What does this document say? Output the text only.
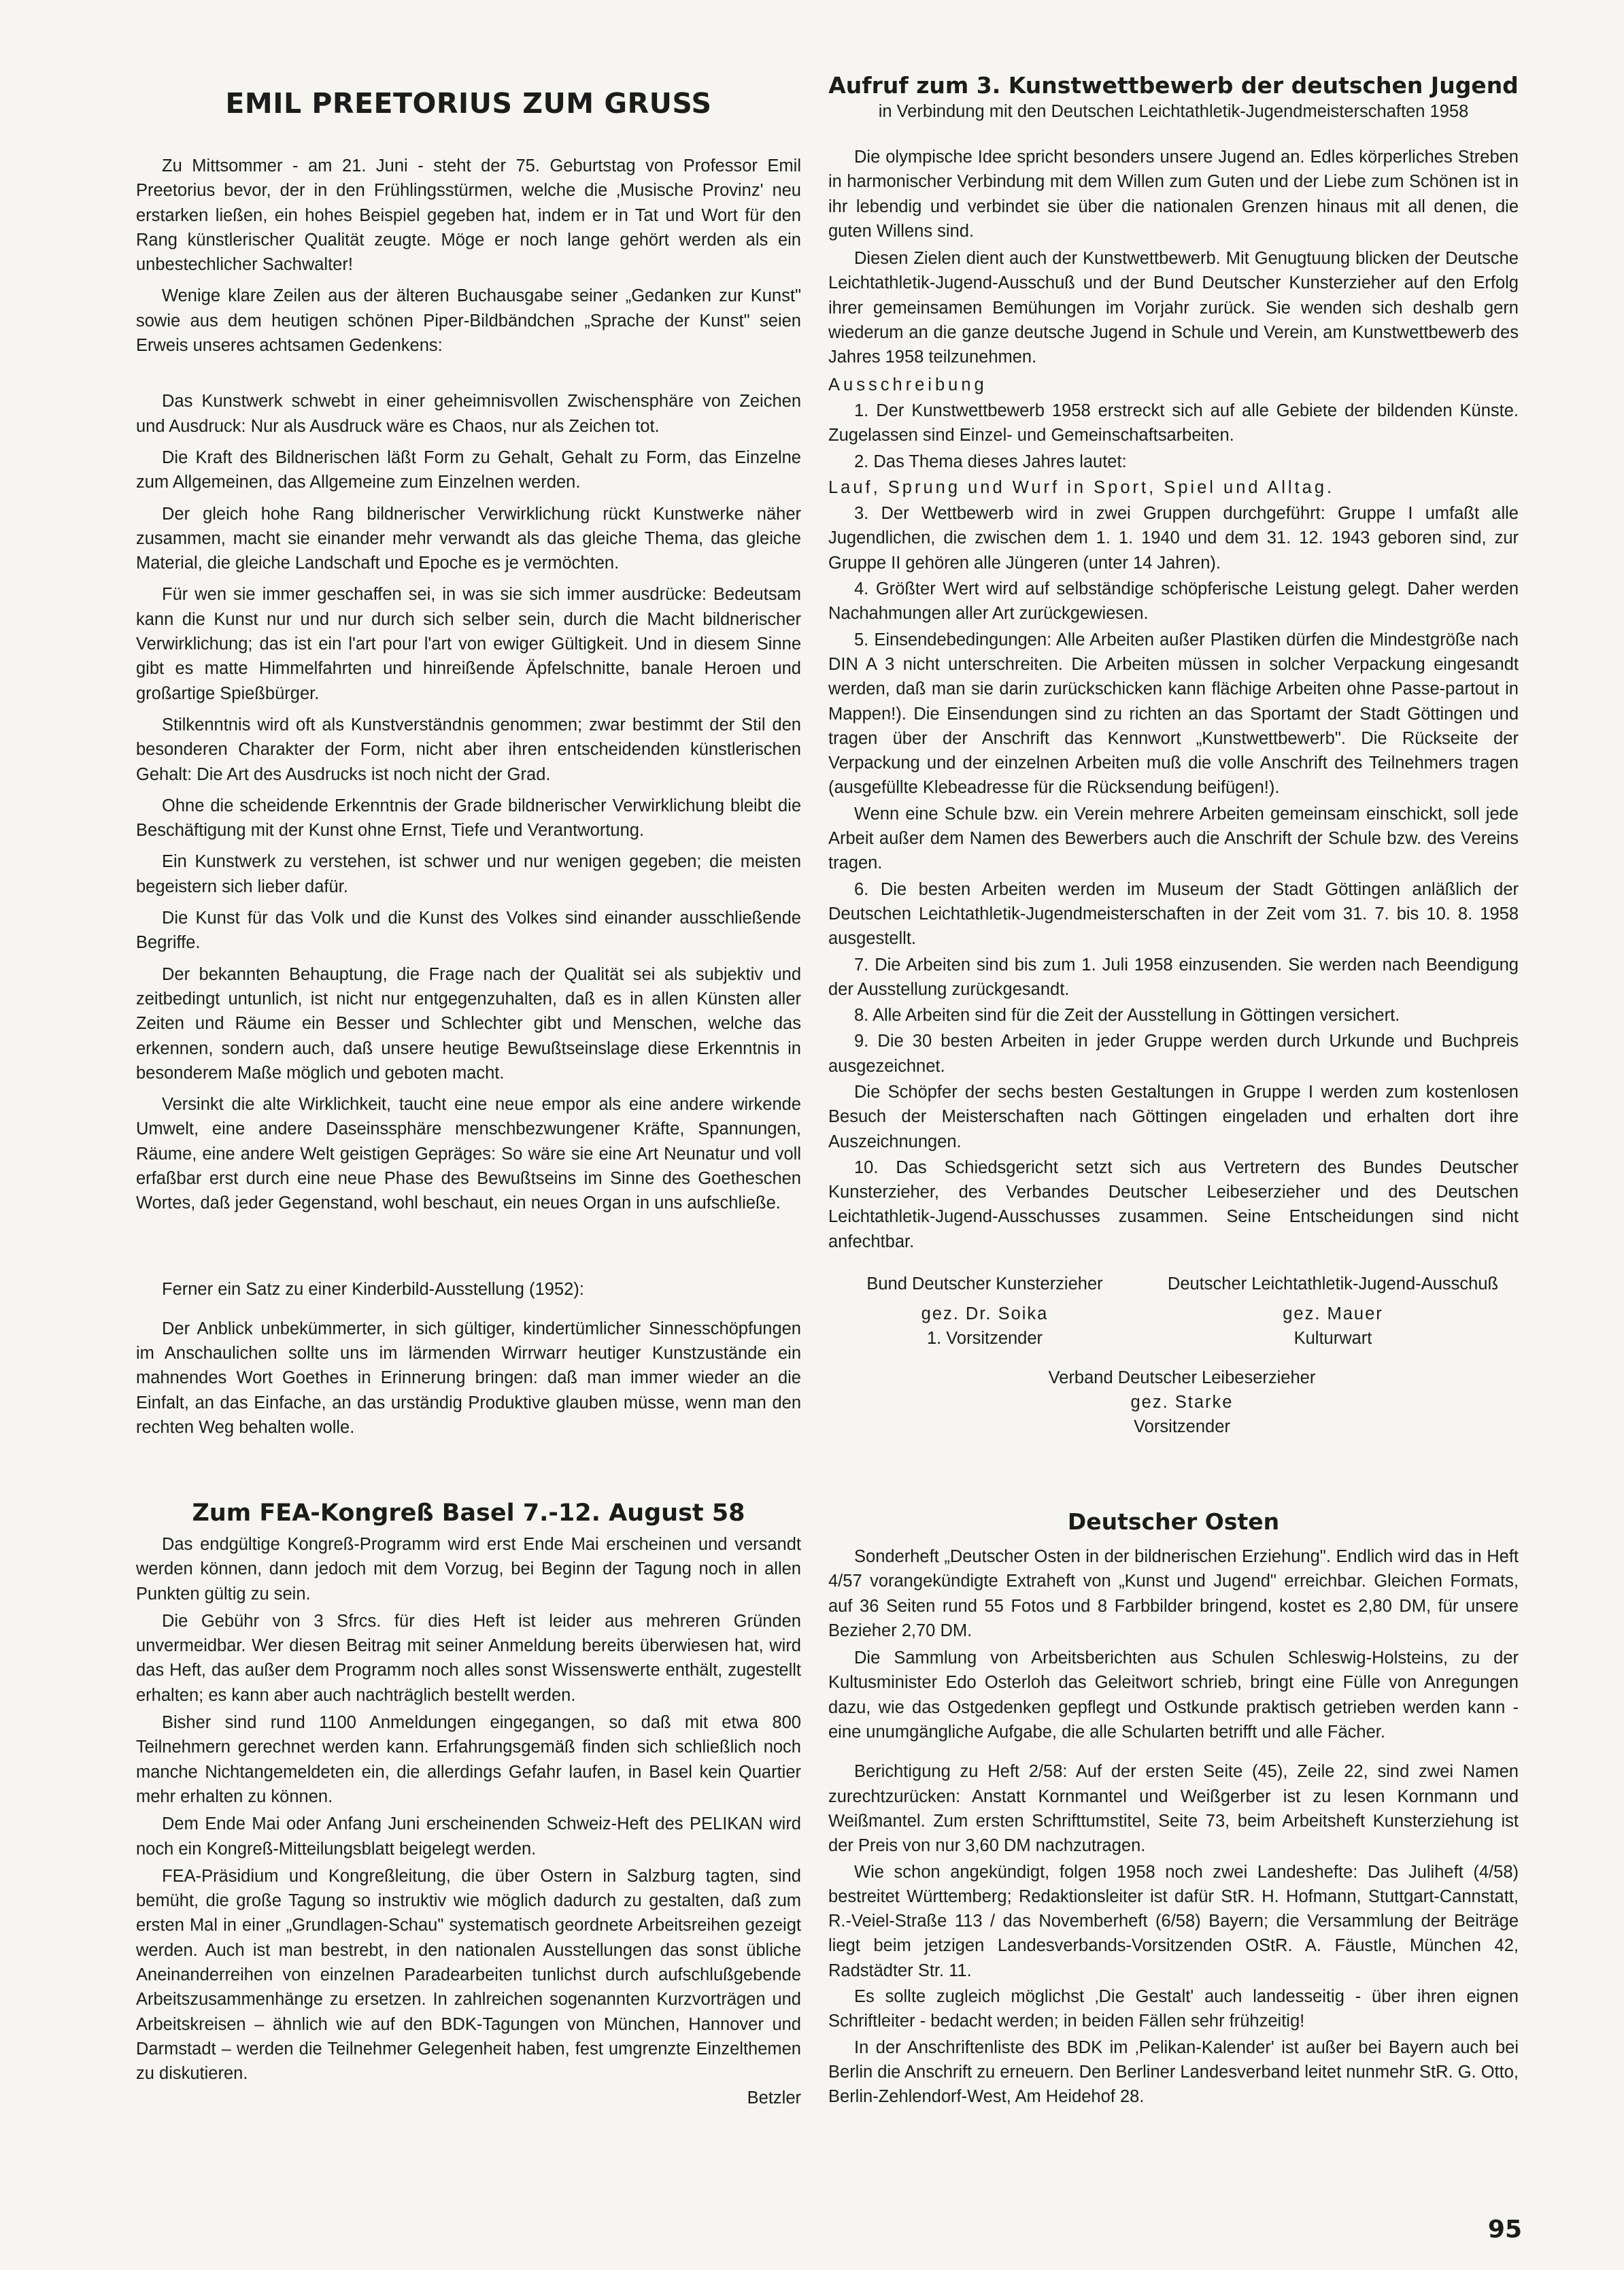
EMIL PREETORIUS ZUM GRUSS

Zu Mittsommer - am 21. Juni - steht der 75. Geburtstag von Professor Emil Preetorius bevor, der in den Frühlingsstürmen, welche die ‚Musische Provinz' neu erstarken ließen, ein hohes Beispiel gegeben hat, indem er in Tat und Wort für den Rang künstlerischer Qualität zeugte. Möge er noch lange gehört werden als ein unbestechlicher Sachwalter!

Wenige klare Zeilen aus der älteren Buchausgabe seiner „Gedanken zur Kunst" sowie aus dem heutigen schönen Piper-Bildbändchen „Sprache der Kunst" seien Erweis unseres achtsamen Gedenkens:

Das Kunstwerk schwebt in einer geheimnisvollen Zwischensphäre von Zeichen und Ausdruck: Nur als Ausdruck wäre es Chaos, nur als Zeichen tot.

Die Kraft des Bildnerischen läßt Form zu Gehalt, Gehalt zu Form, das Einzelne zum Allgemeinen, das Allgemeine zum Einzelnen werden.

Der gleich hohe Rang bildnerischer Verwirklichung rückt Kunstwerke näher zusammen, macht sie einander mehr verwandt als das gleiche Thema, das gleiche Material, die gleiche Landschaft und Epoche es je vermöchten.

Für wen sie immer geschaffen sei, in was sie sich immer ausdrücke: Bedeutsam kann die Kunst nur und nur durch sich selber sein, durch die Macht bildnerischer Verwirklichung; das ist ein l'art pour l'art von ewiger Gültigkeit. Und in diesem Sinne gibt es matte Himmelfahrten und hinreißende Äpfelschnitte, banale Heroen und großartige Spießbürger.

Stilkenntnis wird oft als Kunstverständnis genommen; zwar bestimmt der Stil den besonderen Charakter der Form, nicht aber ihren entscheidenden künstlerischen Gehalt: Die Art des Ausdrucks ist noch nicht der Grad.

Ohne die scheidende Erkenntnis der Grade bildnerischer Verwirklichung bleibt die Beschäftigung mit der Kunst ohne Ernst, Tiefe und Verantwortung.

Ein Kunstwerk zu verstehen, ist schwer und nur wenigen gegeben; die meisten begeistern sich lieber dafür.

Die Kunst für das Volk und die Kunst des Volkes sind einander ausschließende Begriffe.

Der bekannten Behauptung, die Frage nach der Qualität sei als subjektiv und zeitbedingt untunlich, ist nicht nur entgegenzuhalten, daß es in allen Künsten aller Zeiten und Räume ein Besser und Schlechter gibt und Menschen, welche das erkennen, sondern auch, daß unsere heutige Bewußtseinslage diese Erkenntnis in besonderem Maße möglich und geboten macht.

Versinkt die alte Wirklichkeit, taucht eine neue empor als eine andere wirkende Umwelt, eine andere Daseinssphäre menschbezwungener Kräfte, Spannungen, Räume, eine andere Welt geistigen Gepräges: So wäre sie eine Art Neunatur und voll erfaßbar erst durch eine neue Phase des Bewußtseins im Sinne des Goetheschen Wortes, daß jeder Gegenstand, wohl beschaut, ein neues Organ in uns aufschließe.

Ferner ein Satz zu einer Kinderbild-Ausstellung (1952):

Der Anblick unbekümmerter, in sich gültiger, kindertümlicher Sinnesschöpfungen im Anschaulichen sollte uns im lärmenden Wirrwarr heutiger Kunstzustände ein mahnendes Wort Goethes in Erinnerung bringen: daß man immer wieder an die Einfalt, an das Einfache, an das urständig Produktive glauben müsse, wenn man den rechten Weg behalten wolle.

Aufruf zum 3. Kunstwettbewerb der deutschen Jugend
in Verbindung mit den Deutschen Leichtathletik-Jugendmeisterschaften 1958

Die olympische Idee spricht besonders unsere Jugend an. Edles körperliches Streben in harmonischer Verbindung mit dem Willen zum Guten und der Liebe zum Schönen ist in ihr lebendig und verbindet sie über die nationalen Grenzen hinaus mit all denen, die guten Willens sind.

Diesen Zielen dient auch der Kunstwettbewerb. Mit Genugtuung blicken der Deutsche Leichtathletik-Jugend-Ausschuß und der Bund Deutscher Kunsterzieher auf den Erfolg ihrer gemeinsamen Bemühungen im Vorjahr zurück. Sie wenden sich deshalb gern wiederum an die ganze deutsche Jugend in Schule und Verein, am Kunstwettbewerb des Jahres 1958 teilzunehmen.

Ausschreibung

1. Der Kunstwettbewerb 1958 erstreckt sich auf alle Gebiete der bildenden Künste. Zugelassen sind Einzel- und Gemeinschaftsarbeiten.

2. Das Thema dieses Jahres lautet:

Lauf, Sprung und Wurf in Sport, Spiel und Alltag.

3. Der Wettbewerb wird in zwei Gruppen durchgeführt: Gruppe I umfaßt alle Jugendlichen, die zwischen dem 1. 1. 1940 und dem 31. 12. 1943 geboren sind, zur Gruppe II gehören alle Jüngeren (unter 14 Jahren).

4. Größter Wert wird auf selbständige schöpferische Leistung gelegt. Daher werden Nachahmungen aller Art zurückgewiesen.

5. Einsendebedingungen: Alle Arbeiten außer Plastiken dürfen die Mindestgröße nach DIN A 3 nicht unterschreiten. Die Arbeiten müssen in solcher Verpackung eingesandt werden, daß man sie darin zurückschicken kann flächige Arbeiten ohne Passe-partout in Mappen!). Die Einsendungen sind zu richten an das Sportamt der Stadt Göttingen und tragen über der Anschrift das Kennwort „Kunstwettbewerb". Die Rückseite der Verpackung und der einzelnen Arbeiten muß die volle Anschrift des Teilnehmers tragen (ausgefüllte Klebeadresse für die Rücksendung beifügen!).

Wenn eine Schule bzw. ein Verein mehrere Arbeiten gemeinsam einschickt, soll jede Arbeit außer dem Namen des Bewerbers auch die Anschrift der Schule bzw. des Vereins tragen.

6. Die besten Arbeiten werden im Museum der Stadt Göttingen anläßlich der Deutschen Leichtathletik-Jugendmeisterschaften in der Zeit vom 31. 7. bis 10. 8. 1958 ausgestellt.

7. Die Arbeiten sind bis zum 1. Juli 1958 einzusenden. Sie werden nach Beendigung der Ausstellung zurückgesandt.

8. Alle Arbeiten sind für die Zeit der Ausstellung in Göttingen versichert.

9. Die 30 besten Arbeiten in jeder Gruppe werden durch Urkunde und Buchpreis ausgezeichnet.

Die Schöpfer der sechs besten Gestaltungen in Gruppe I werden zum kostenlosen Besuch der Meisterschaften nach Göttingen eingeladen und erhalten dort ihre Auszeichnungen.

10. Das Schiedsgericht setzt sich aus Vertretern des Bundes Deutscher Kunsterzieher, des Verbandes Deutscher Leibeserzieher und des Deutschen Leichtathletik-Jugend-Ausschusses zusammen. Seine Entscheidungen sind nicht anfechtbar.

Bund Deutscher Kunsterzieher
gez. Dr. Soika
1. Vorsitzender
Deutscher Leichtathletik-Jugend-Ausschuß
gez. Mauer
Kulturwart
Verband Deutscher Leibeserzieher
gez. Starke
Vorsitzender
Zum FEA-Kongreß Basel 7.-12. August 58

Das endgültige Kongreß-Programm wird erst Ende Mai erscheinen und versandt werden können, dann jedoch mit dem Vorzug, bei Beginn der Tagung noch in allen Punkten gültig zu sein.

Die Gebühr von 3 Sfrcs. für dies Heft ist leider aus mehreren Gründen unvermeidbar. Wer diesen Beitrag mit seiner Anmeldung bereits überwiesen hat, wird das Heft, das außer dem Programm noch alles sonst Wissenswerte enthält, zugestellt erhalten; es kann aber auch nachträglich bestellt werden.

Bisher sind rund 1100 Anmeldungen eingegangen, so daß mit etwa 800 Teilnehmern gerechnet werden kann. Erfahrungsgemäß finden sich schließlich noch manche Nichtangemeldeten ein, die allerdings Gefahr laufen, in Basel kein Quartier mehr erhalten zu können.

Dem Ende Mai oder Anfang Juni erscheinenden Schweiz-Heft des PELIKAN wird noch ein Kongreß-Mitteilungsblatt beigelegt werden.

FEA-Präsidium und Kongreßleitung, die über Ostern in Salzburg tagten, sind bemüht, die große Tagung so instruktiv wie möglich dadurch zu gestalten, daß zum ersten Mal in einer „Grundlagen-Schau" systematisch geordnete Arbeitsreihen gezeigt werden. Auch ist man bestrebt, in den nationalen Ausstellungen das sonst übliche Aneinanderreihen von einzelnen Paradearbeiten tunlichst durch aufschlußgebende Arbeitszusammenhänge zu ersetzen. In zahlreichen sogenannten Kurzvorträgen und Arbeitskreisen – ähnlich wie auf den BDK-Tagungen von München, Hannover und Darmstadt – werden die Teilnehmer Gelegenheit haben, fest umgrenzte Einzelthemen zu diskutieren.

Betzler
Deutscher Osten

Sonderheft „Deutscher Osten in der bildnerischen Erziehung". Endlich wird das in Heft 4/57 vorangekündigte Extraheft von „Kunst und Jugend" erreichbar. Gleichen Formats, auf 36 Seiten rund 55 Fotos und 8 Farbbilder bringend, kostet es 2,80 DM, für unsere Bezieher 2,70 DM.

Die Sammlung von Arbeitsberichten aus Schulen Schleswig-Holsteins, zu der Kultusminister Edo Osterloh das Geleitwort schrieb, bringt eine Fülle von Anregungen dazu, wie das Ostgedenken gepflegt und Ostkunde praktisch getrieben werden kann - eine unumgängliche Aufgabe, die alle Schularten betrifft und alle Fächer.

Berichtigung zu Heft 2/58: Auf der ersten Seite (45), Zeile 22, sind zwei Namen zurechtzurücken: Anstatt Kornmantel und Weißgerber ist zu lesen Kornmann und Weißmantel. Zum ersten Schrifttumstitel, Seite 73, beim Arbeitsheft Kunsterziehung ist der Preis von nur 3,60 DM nachzutragen.

Wie schon angekündigt, folgen 1958 noch zwei Landeshefte: Das Juliheft (4/58) bestreitet Württemberg; Redaktionsleiter ist dafür StR. H. Hofmann, Stuttgart-Cannstatt, R.-Veiel-Straße 113 / das Novemberheft (6/58) Bayern; die Versammlung der Beiträge liegt beim jetzigen Landesverbands-Vorsitzenden OStR. A. Fäustle, München 42, Radstädter Str. 11.

Es sollte zugleich möglichst ‚Die Gestalt' auch landesseitig - über ihren eignen Schriftleiter - bedacht werden; in beiden Fällen sehr frühzeitig!

In der Anschriftenliste des BDK im ‚Pelikan-Kalender' ist außer bei Bayern auch bei Berlin die Anschrift zu erneuern. Den Berliner Landesverband leitet nunmehr StR. G. Otto, Berlin-Zehlendorf-West, Am Heidehof 28.

95
